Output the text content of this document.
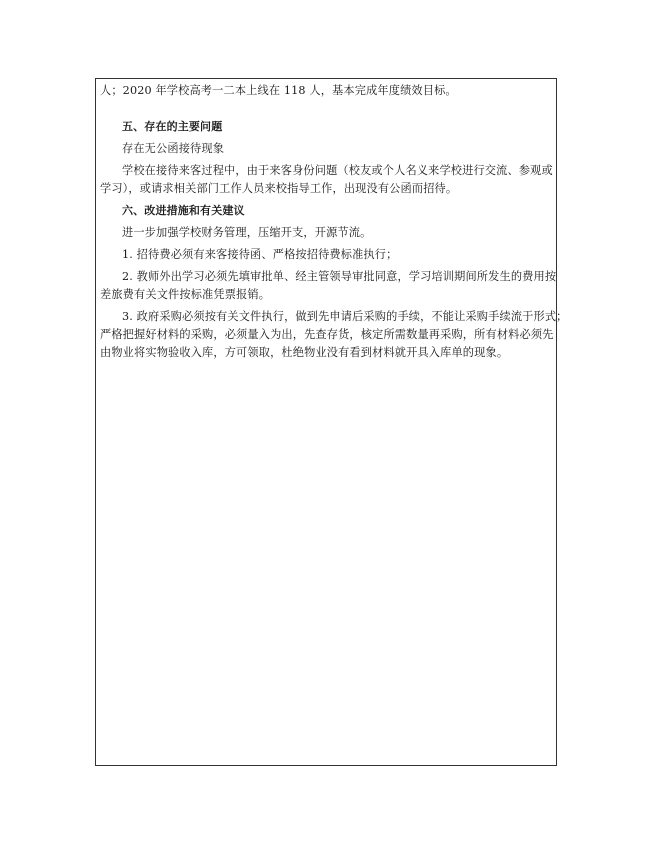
人；2020 年学校高考一二本上线在 118 人，基本完成年度绩效目标。
五、存在的主要问题
存在无公函接待现象
学校在接待来客过程中，由于来客身份问题（校友或个人名义来学校进行交流、参观或
学习），或请求相关部门工作人员来校指导工作，出现没有公函而招待。
六、改进措施和有关建议
进一步加强学校财务管理，压缩开支，开源节流。
1. 招待费必须有来客接待函、严格按招待费标准执行；
2. 教师外出学习必须先填审批单、经主管领导审批同意，学习培训期间所发生的费用按
差旅费有关文件按标准凭票报销。
3. 政府采购必须按有关文件执行，做到先申请后采购的手续，不能让采购手续流于形式；
严格把握好材料的采购，必须量入为出，先查存货，核定所需数量再采购，所有材料必须先
由物业将实物验收入库，方可领取，杜绝物业没有看到材料就开具入库单的现象。
